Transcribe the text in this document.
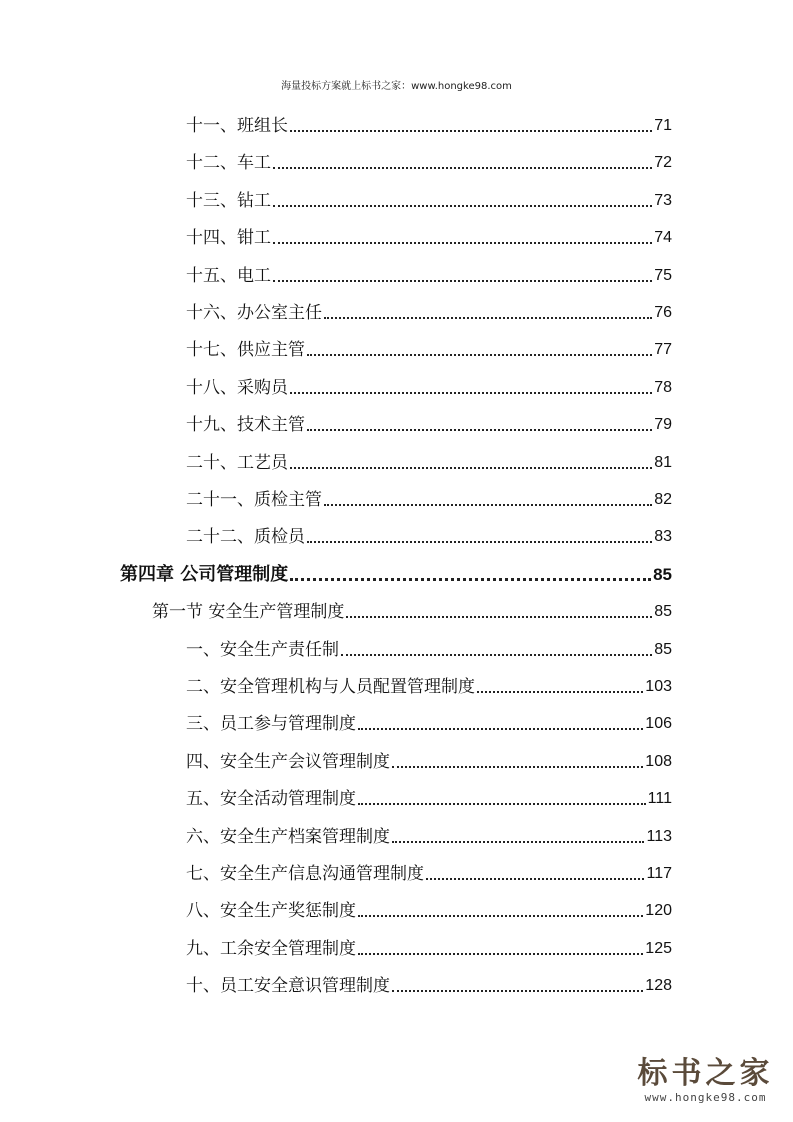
海量投标方案就上标书之家：www.hongke98.com
十一、班组长	71
十二、车工	72
十三、钻工	73
十四、钳工	74
十五、电工	75
十六、办公室主任	76
十七、供应主管	77
十八、采购员	78
十九、技术主管	79
二十、工艺员	81
二十一、质检主管	82
二十二、质检员	83
第四章 公司管理制度	85
第一节 安全生产管理制度	85
一、安全生产责任制	85
二、安全管理机构与人员配置管理制度	103
三、员工参与管理制度	106
四、安全生产会议管理制度	108
五、安全活动管理制度	111
六、安全生产档案管理制度	113
七、安全生产信息沟通管理制度	117
八、安全生产奖惩制度	120
九、工余安全管理制度	125
十、员工安全意识管理制度	128
标书之家
www.hongke98.com
